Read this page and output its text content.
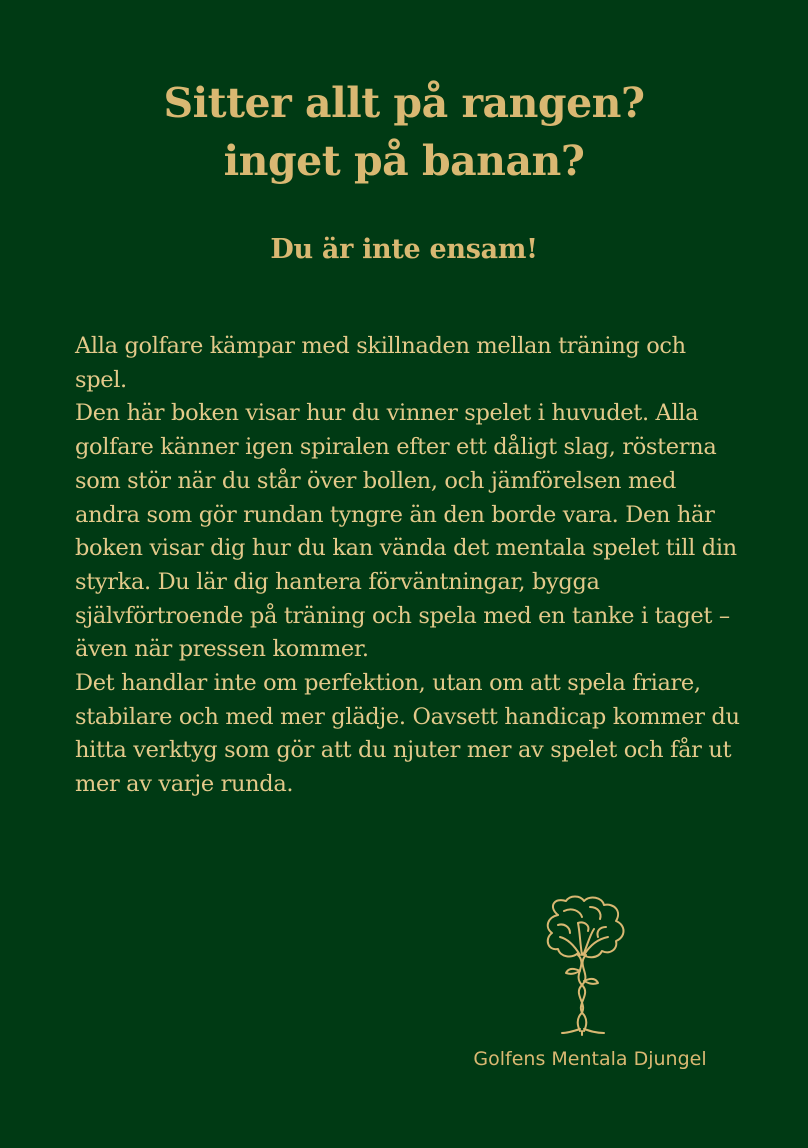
Sitter allt på rangen?
inget på banan?
Du är inte ensam!

Alla golfare kämpar med skillnaden mellan träning och spel.

Den här boken visar hur du vinner spelet i huvudet. Alla golfare känner igen spiralen efter ett dåligt slag, rösterna som stör när du står över bollen, och jämförelsen med andra som gör rundan tyngre än den borde vara. Den här boken visar dig hur du kan vända det mentala spelet till din styrka. Du lär dig hantera förväntningar, bygga självförtroende på träning och spela med en tanke i taget – även när pressen kommer.

Det handlar inte om perfektion, utan om att spela friare, stabilare och med mer glädje. Oavsett handicap kommer du hitta verktyg som gör att du njuter mer av spelet och får ut mer av varje runda.

Golfens Mentala Djungel
